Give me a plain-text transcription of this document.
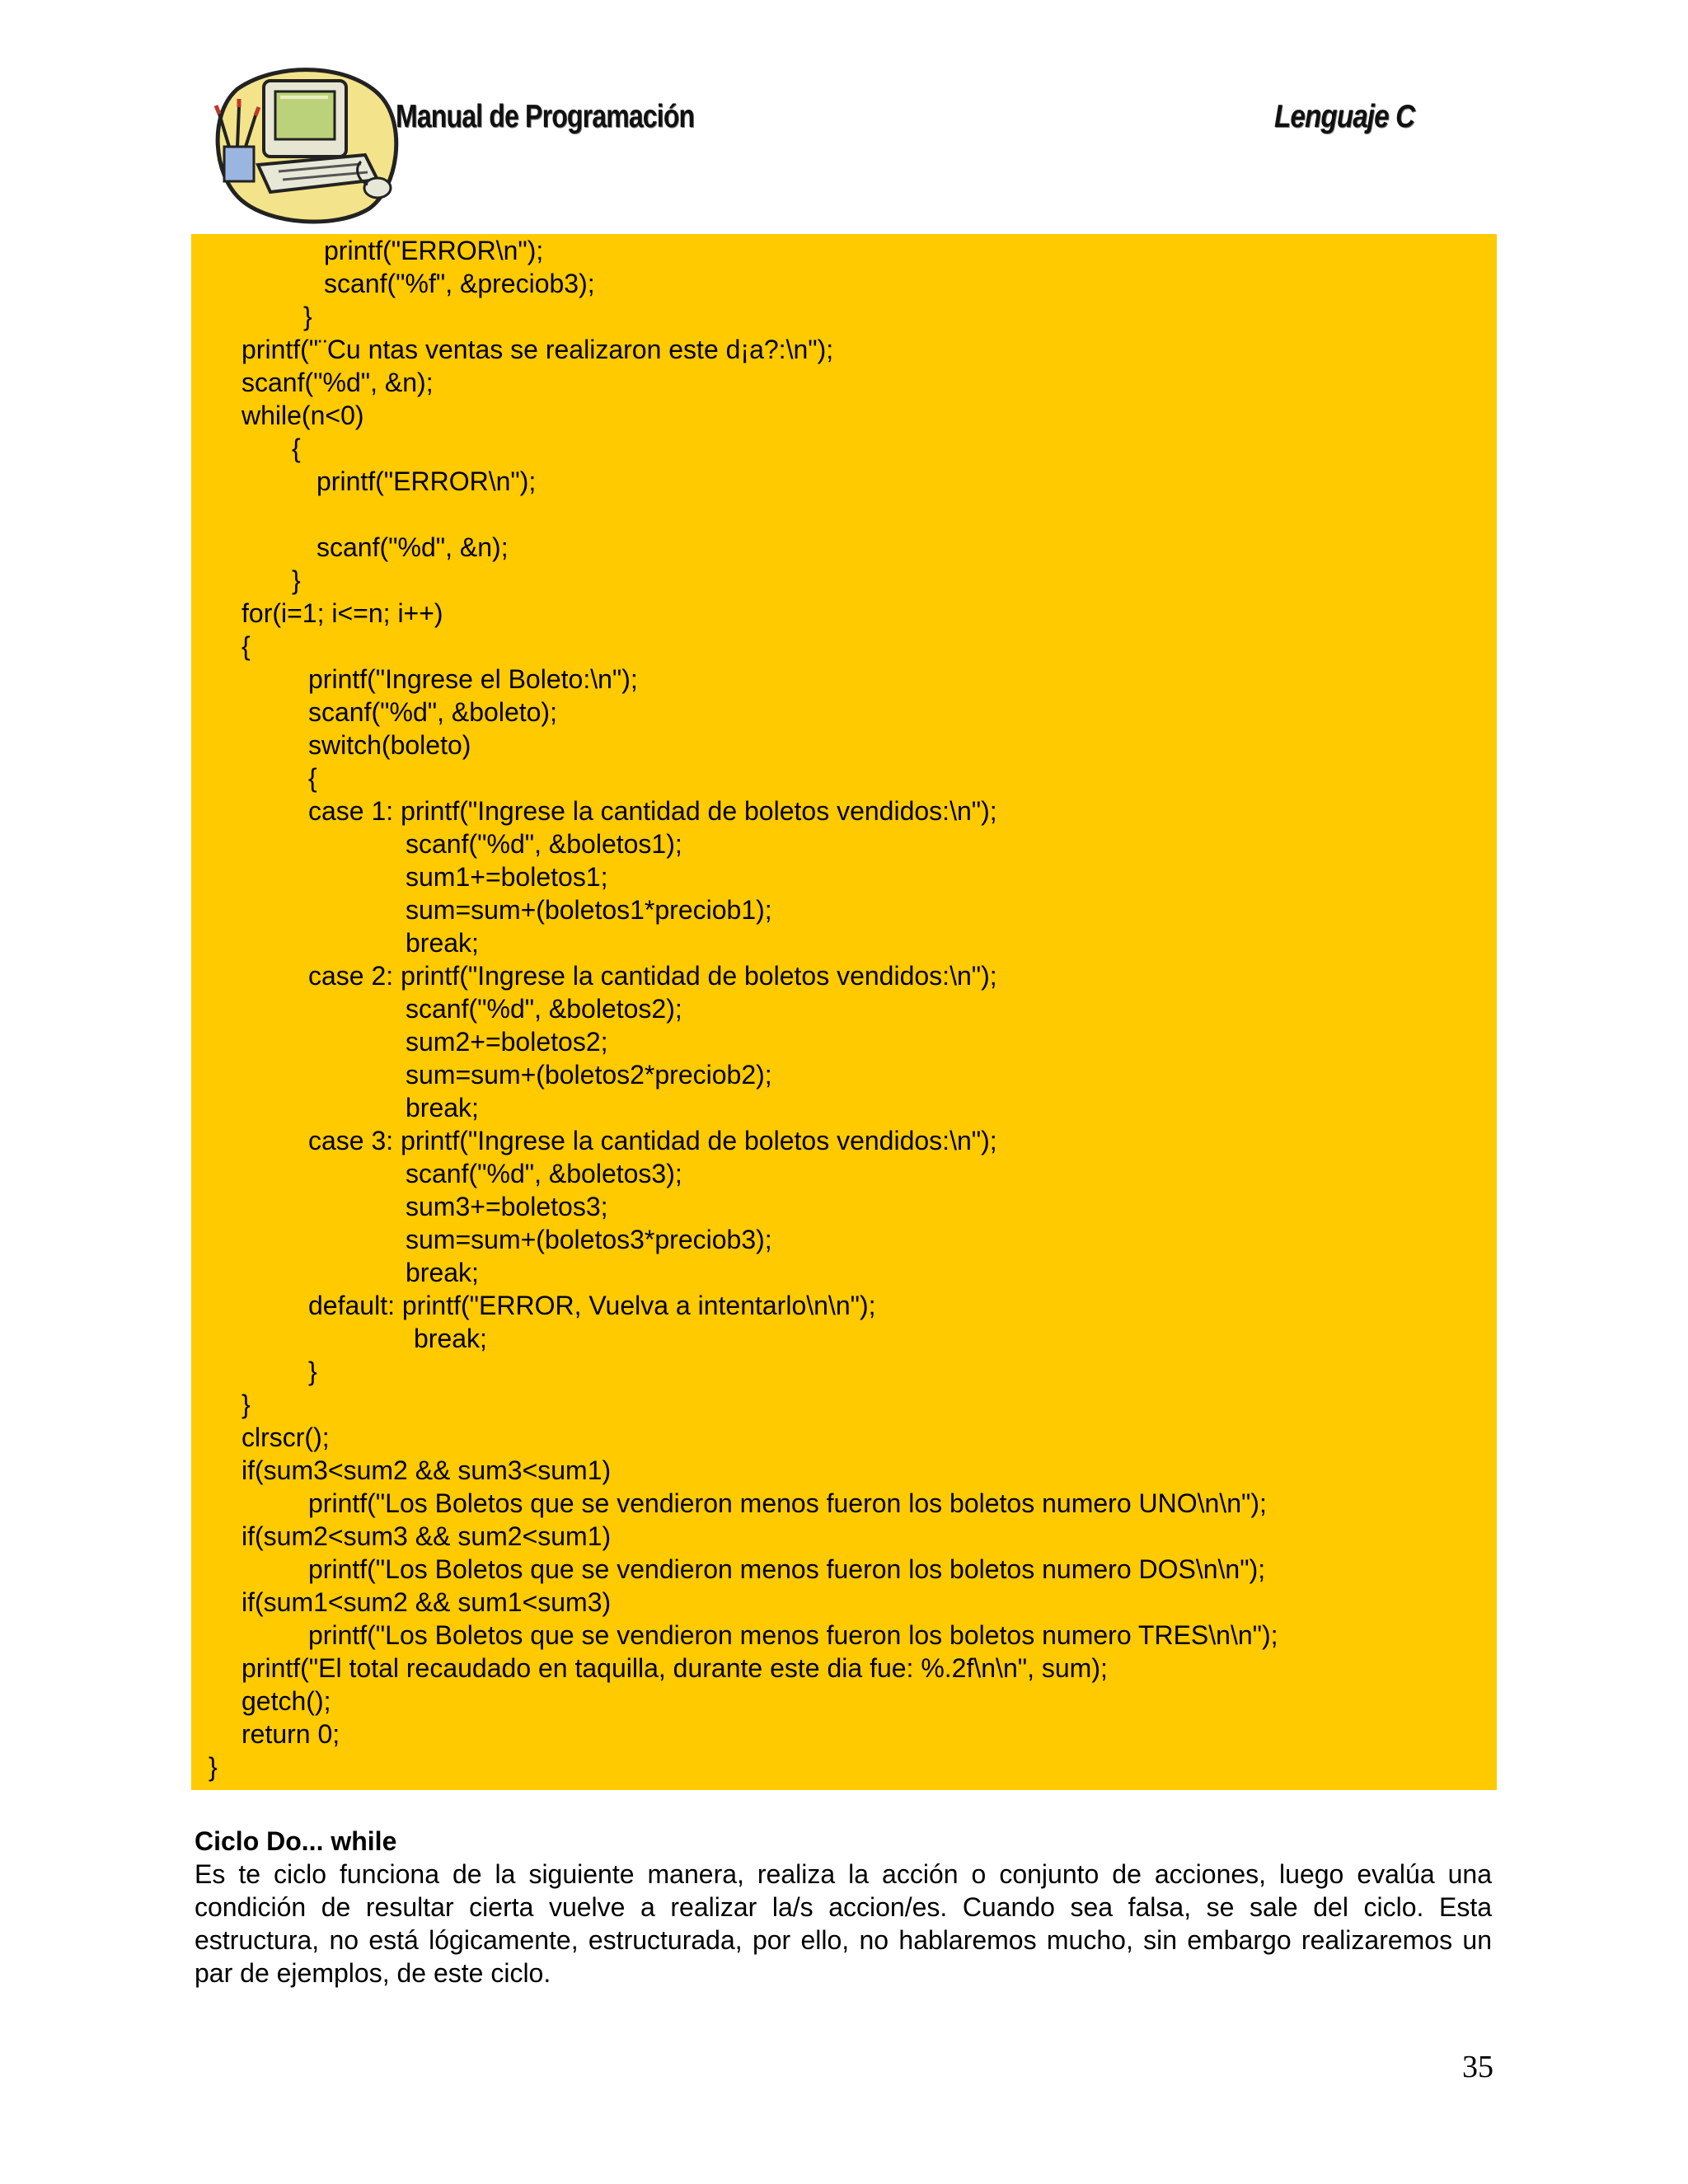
Manual de Programación	Lenguaje C
printf("ERROR\n");
scanf("%f", &preciob3);
}
printf("¨Cu ntas ventas se realizaron este d¡a?:\n");
scanf("%d", &n);
while(n<0)
{
printf("ERROR\n");
scanf("%d", &n);
}
for(i=1; i<=n; i++)
{
printf("Ingrese el Boleto:\n");
scanf("%d", &boleto);
switch(boleto)
{
case 1: printf("Ingrese la cantidad de boletos vendidos:\n");
scanf("%d", &boletos1);
sum1+=boletos1;
sum=sum+(boletos1*preciob1);
break;
case 2: printf("Ingrese la cantidad de boletos vendidos:\n");
scanf("%d", &boletos2);
sum2+=boletos2;
sum=sum+(boletos2*preciob2);
break;
case 3: printf("Ingrese la cantidad de boletos vendidos:\n");
scanf("%d", &boletos3);
sum3+=boletos3;
sum=sum+(boletos3*preciob3);
break;
default: printf("ERROR, Vuelva a intentarlo\n\n");
break;
}
}
clrscr();
if(sum3<sum2 && sum3<sum1)
printf("Los Boletos que se vendieron menos fueron los boletos numero UNO\n\n");
if(sum2<sum3 && sum2<sum1)
printf("Los Boletos que se vendieron menos fueron los boletos numero DOS\n\n");
if(sum1<sum2 && sum1<sum3)
printf("Los Boletos que se vendieron menos fueron los boletos numero TRES\n\n");
printf("El total recaudado en taquilla, durante este dia fue: %.2f\n\n", sum);
getch();
return 0;
}

Ciclo Do... while

Es te ciclo funciona de la siguiente manera, realiza la acción o conjunto de acciones, luego evalúa una condición de resultar cierta vuelve a realizar la/s accion/es. Cuando sea falsa, se sale del ciclo. Esta estructura, no está lógicamente, estructurada, por ello, no hablaremos mucho, sin embargo realizaremos un par de ejemplos, de este ciclo.

35
